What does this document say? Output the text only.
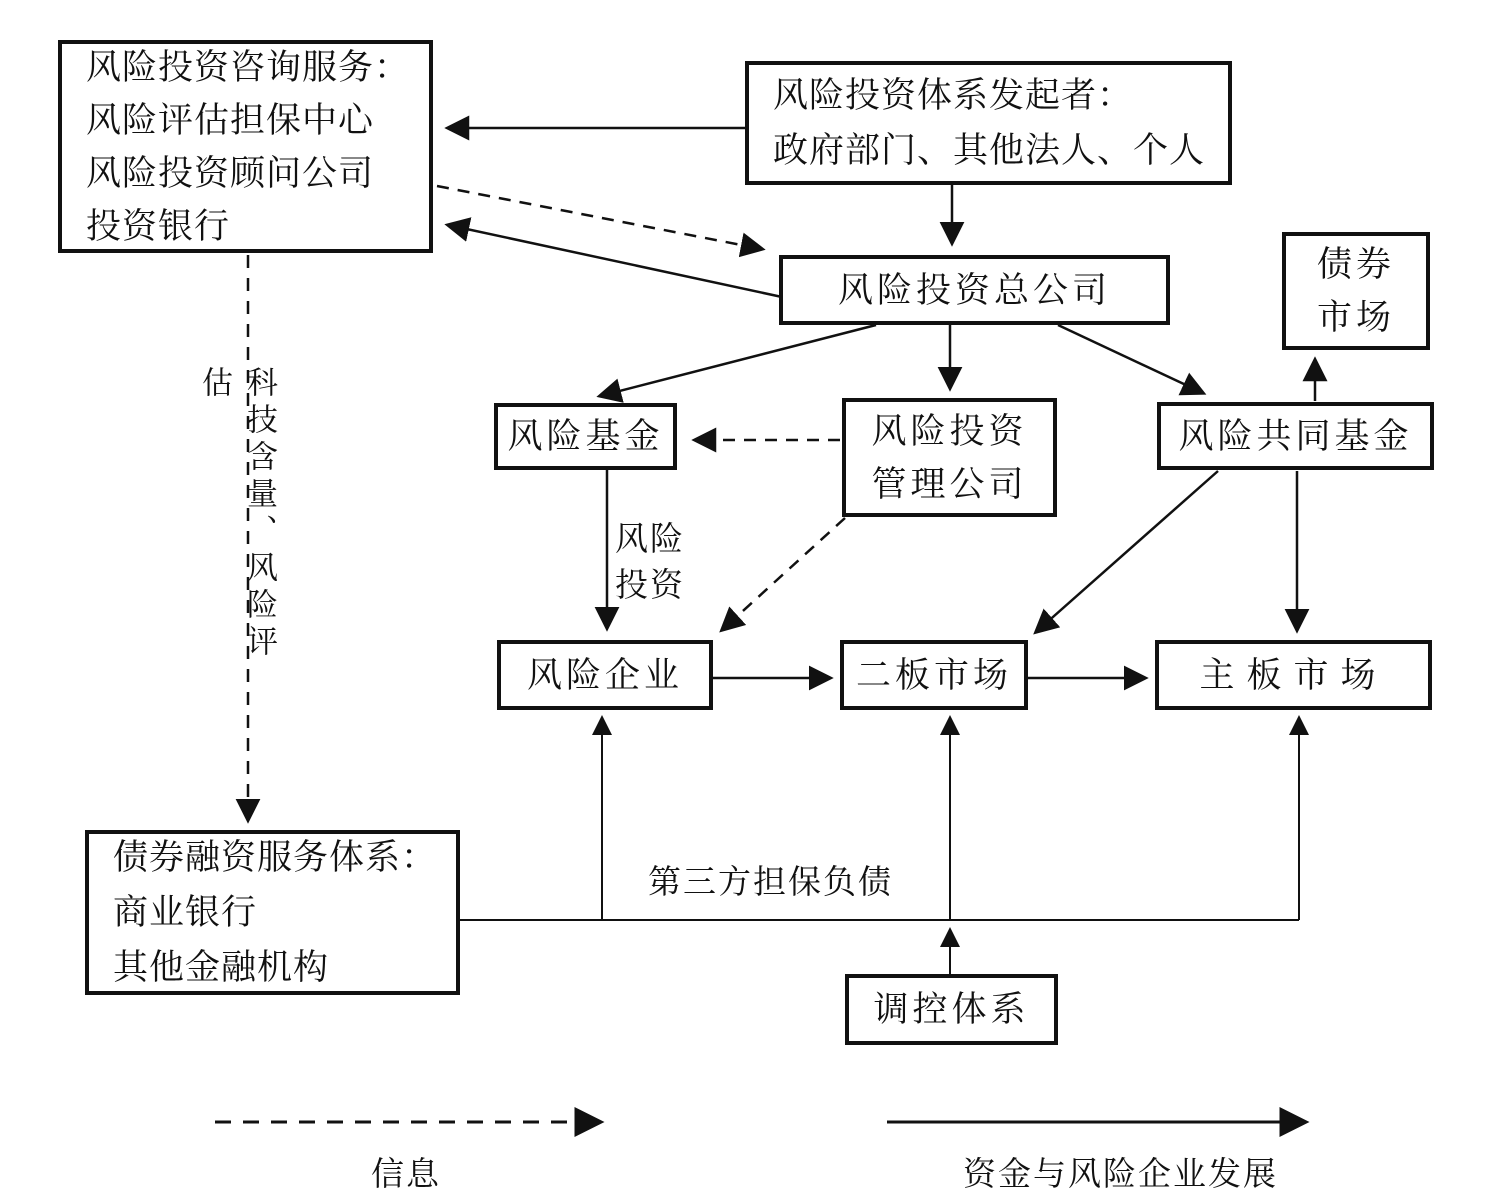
风险投资咨询服务：
风险评估担保中心
风险投资顾问公司
投资银行
风险投资体系发起者：
政府部门、其他法人、个人
风险投资总公司
债券
市场
风险基金	风险投资
管理公司
风险共同基金
风险企业	二板市场	主板市场
债券融资服务体系：
商业银行
其他金融机构
调控体系
科技含量、风险评估
风险
投资
第三方担保负债
信息	资金与风险企业发展
